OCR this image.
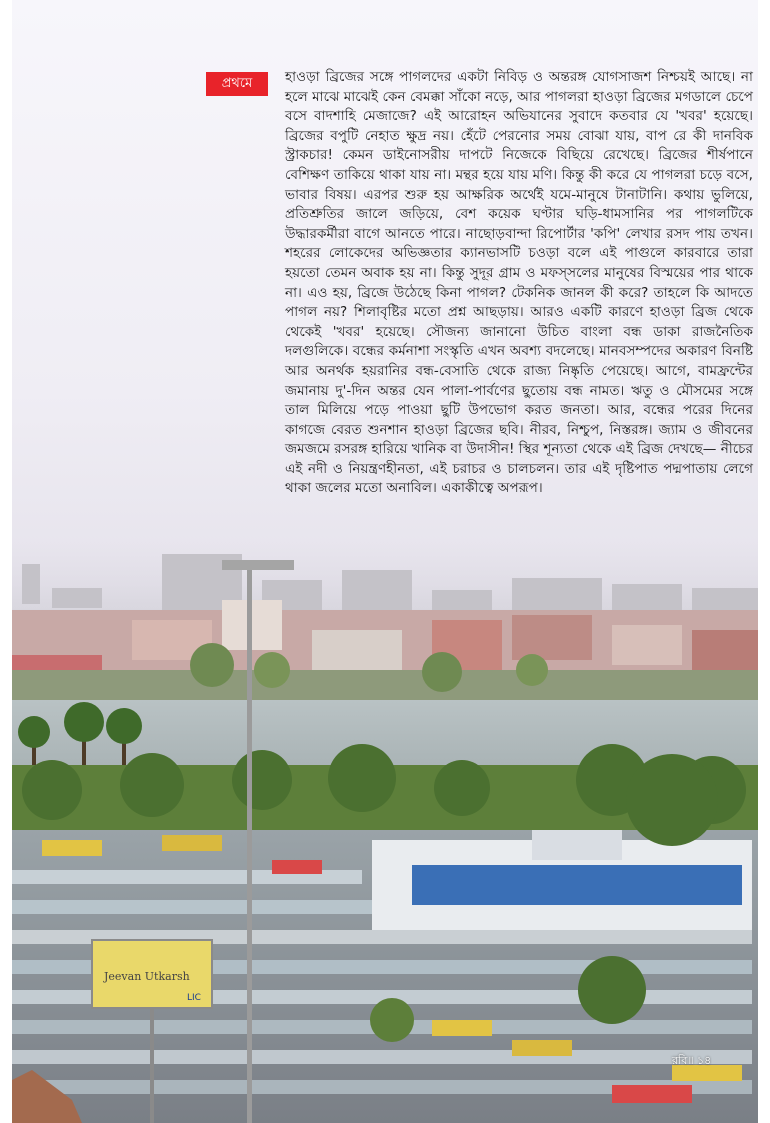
প্রথমে	হাওড়া ব্রিজের সঙ্গে পাগলদের একটা নিবিড় ও অন্তরঙ্গ যোগসাজশ নিশ্চয়ই আছে। না হলে মাঝে মাঝেই কেন বেমক্কা সাঁকো নড়ে, আর পাগলরা হাওড়া ব্রিজের মগডালে চেপে বসে বাদশাহি মেজাজে? এই আরোহন অভিযানের সুবাদে কতবার যে 'খবর' হয়েছে। ব্রিজের বপুটি নেহাত ক্ষুদ্র নয়। হেঁটে পেরনোর সময় বোঝা যায়, বাপ রে কী দানবিক স্ট্রাকচার! কেমন ডাইনোসরীয় দাপটে নিজেকে বিছিয়ে রেখেছে। ব্রিজের শীর্ষপানে বেশিক্ষণ তাকিয়ে থাকা যায় না। মন্থর হয়ে যায় মণি। কিন্তু কী করে যে পাগলরা চড়ে বসে, ভাবার বিষয়। এরপর শুরু হয় আক্ষরিক অর্থেই যমে-মানুষে টানাটানি। কথায় ভুলিয়ে, প্রতিশ্রুতির জালে জড়িয়ে, বেশ কয়েক ঘণ্টার ঘড়ি-ধামসানির পর পাগলটিকে উদ্ধারকর্মীরা বাগে আনতে পারে। নাছোড়বান্দা রিপোর্টার 'কপি' লেখার রসদ পায় তখন। শহরের লোকেদের অভিজ্ঞতার ক্যানভাসটি চওড়া বলে এই পাগুলে কারবারে তারা হয়তো তেমন অবাক হয় না। কিন্তু সুদূর গ্রাম ও মফস্সলের মানুষের বিস্ময়ের পার থাকে না। এও হয়, ব্রিজে উঠেছে কিনা পাগল? টেকনিক জানল কী করে? তাহলে কি আদতে পাগল নয়? শিলাবৃষ্টির মতো প্রশ্ন আছড়ায়। আরও একটি কারণে হাওড়া ব্রিজ থেকে থেকেই 'খবর' হয়েছে। সৌজন্য জানানো উচিত বাংলা বন্ধ ডাকা রাজনৈতিক দলগুলিকে। বন্ধের কর্মনাশা সংস্কৃতি এখন অবশ্য বদলেছে। মানবসম্পদের অকারণ বিনষ্টি আর অনর্থক হয়রানির বন্ধ-বেসাতি থেকে রাজ্য নিষ্কৃতি পেয়েছে। আগে, বামফ্রন্টের জমানায় দু'-দিন অন্তর যেন পালা-পার্বণের ছুতোয় বন্ধ নামত। ঋতু ও মৌসমের সঙ্গে তাল মিলিয়ে পড়ে পাওয়া ছুটি উপভোগ করত জনতা। আর, বন্ধের পরের দিনের কাগজে বেরত শুনশান হাওড়া ব্রিজের ছবি। নীরব, নিশ্চুপ, নিস্তরঙ্গ। জ্যাম ও জীবনের জমজমে রসরঙ্গ হারিয়ে খানিক বা উদাসীন! স্থির শূন্যতা থেকে এই ব্রিজ দেখছে— নীচের এই নদী ও নিয়ন্ত্রণহীনতা, এই চরাচর ও চালচলন। তার এই দৃষ্টিপাত পদ্মপাতায় লেগে থাকা জলের মতো অনাবিল। একাকীত্বে অপরূপ।

Jeevan Utkarsh
LIC
রবি॥ ১৪
